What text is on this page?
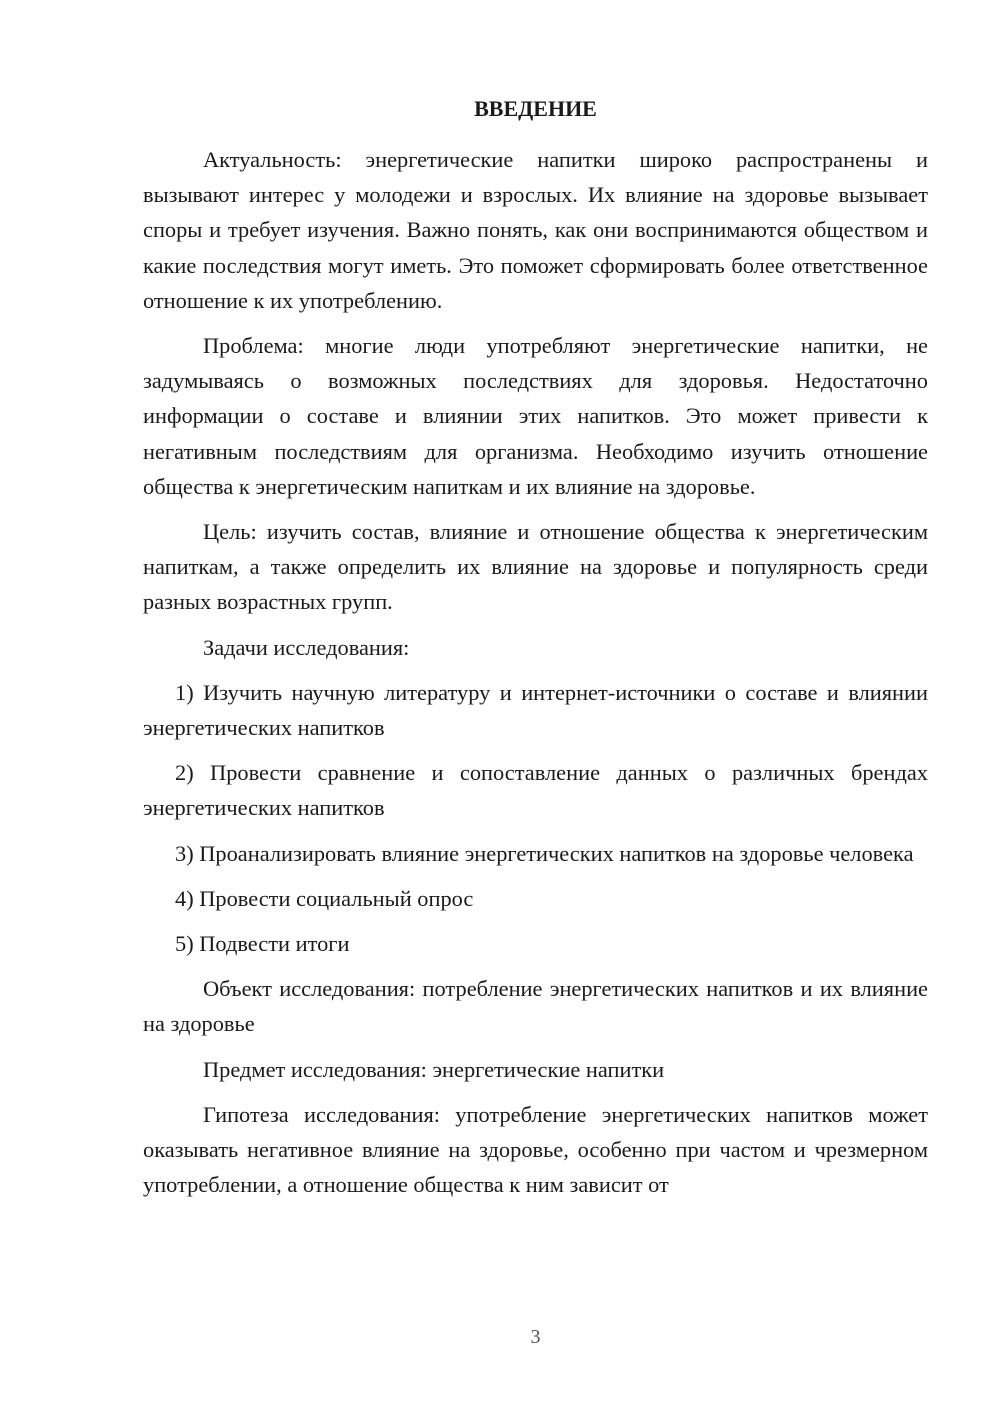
ВВЕДЕНИЕ

Актуальность: энергетические напитки широко распространены и вызывают интерес у молодежи и взрослых. Их влияние на здоровье вызывает споры и требует изучения. Важно понять, как они воспринимаются обществом и какие последствия могут иметь. Это поможет сформировать более ответственное отношение к их употреблению.

Проблема: многие люди употребляют энергетические напитки, не задумываясь о возможных последствиях для здоровья. Недостаточно информации о составе и влиянии этих напитков. Это может привести к негативным последствиям для организма. Необходимо изучить отношение общества к энергетическим напиткам и их влияние на здоровье.

Цель: изучить состав, влияние и отношение общества к энергетическим напиткам, а также определить их влияние на здоровье и популярность среди разных возрастных групп.

Задачи исследования:

1) Изучить научную литературу и интернет-источники о составе и влиянии энергетических напитков

2) Провести сравнение и сопоставление данных о различных брендах энергетических напитков

3) Проанализировать влияние энергетических напитков на здоровье человека

4) Провести социальный опрос

5) Подвести итоги

Объект исследования: потребление энергетических напитков и их влияние на здоровье

Предмет исследования: энергетические напитки

Гипотеза исследования: употребление энергетических напитков может оказывать негативное влияние на здоровье, особенно при частом и чрезмерном употреблении, а отношение общества к ним зависит от

3
